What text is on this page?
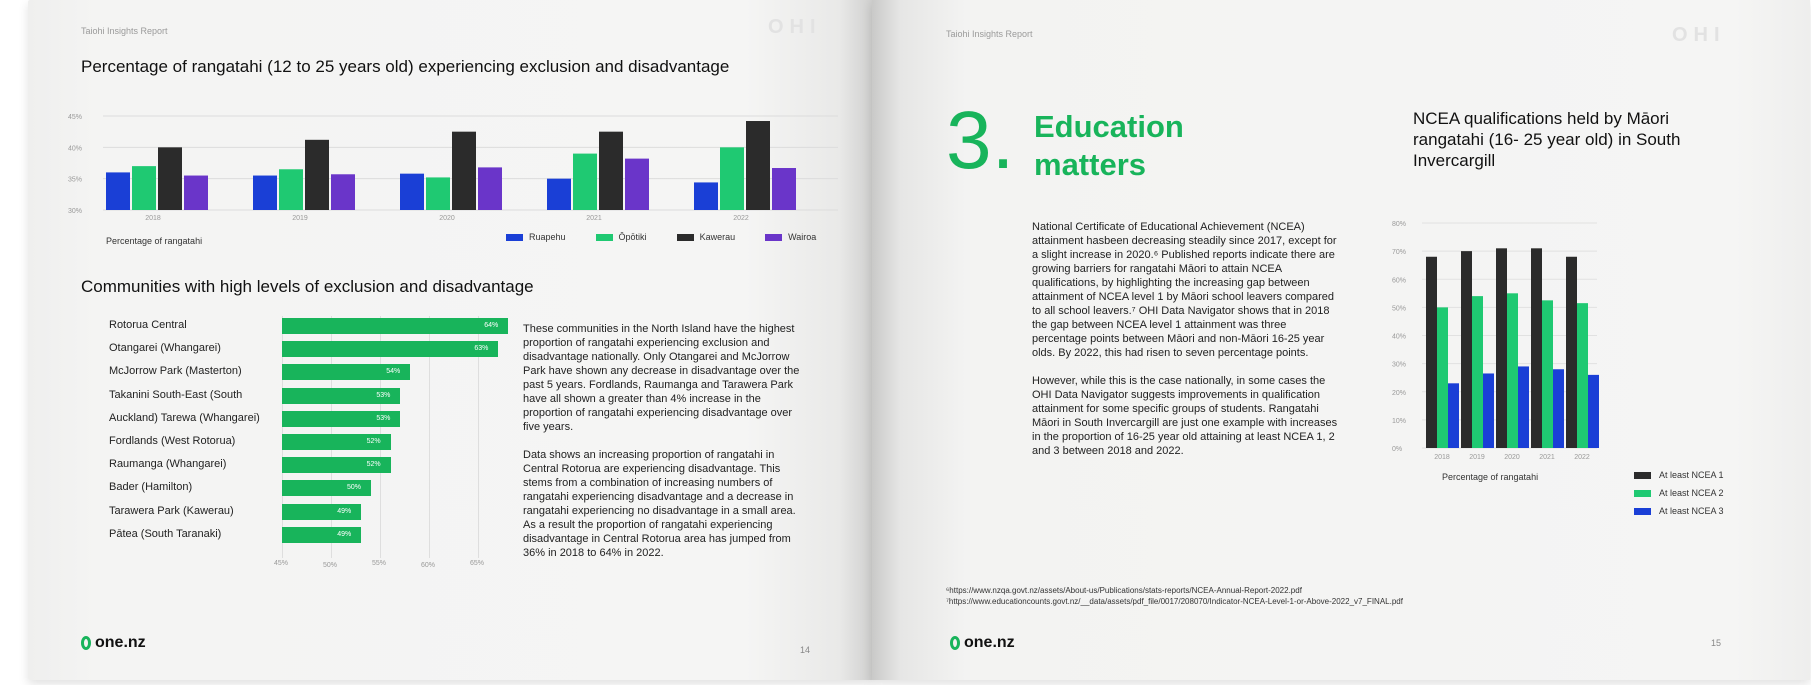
Taiohi Insights Report	OHI
Percentage of rangatahi (12 to 25 years old) experiencing exclusion and disadvantage
30%
35%
40%
45%
2018	2019	2020	2021	2022
Percentage of rangatahi	Ruapehu	Ōpōtiki	Kawerau	Wairoa
Communities with high levels of exclusion and disadvantage

These communities in the North Island have the highest proportion of rangatahi experiencing exclusion and disadvantage nationally. Only Otangarei and McJorrow Park have shown any decrease in disadvantage over the past 5 years. Fordlands, Raumanga and Tarawera Park have all shown a greater than 4% increase in the proportion of rangatahi experiencing disadvantage over five years.

Data shows an increasing proportion of rangatahi in Central Rotorua are experiencing disadvantage. This stems from a combination of increasing numbers of rangatahi experiencing disadvantage and a decrease in rangatahi experiencing no disadvantage in a small area. As a result the proportion of rangatahi experiencing disadvantage in Central Rotorua area has jumped from 36% in 2018 to 64% in 2022.

one.nz	14
45%	50%	55%	60%	65%
Rotorua Central	64%
Otangarei (Whangarei)	63%
McJorrow Park (Masterton)	54%
Takanini South-East (South	53%
Auckland) Tarewa (Whangarei)	53%
Fordlands (West Rotorua)	52%
Raumanga (Whangarei)	52%
Bader (Hamilton)	50%
Tarawera Park (Kawerau)	49%
Pātea (South Taranaki)	49%
Taiohi Insights Report	OHI
3. Education
matters

National Certificate of Educational Achievement (NCEA) attainment hasbeen decreasing steadily since 2017, except for a slight increase in 2020.⁶ Published reports indicate there are growing barriers for rangatahi Māori to attain NCEA qualifications, by highlighting the increasing gap between attainment of NCEA level 1 by Māori school leavers compared to all school leavers.⁷ OHI Data Navigator shows that in 2018 the gap between NCEA level 1 attainment was three percentage points between Māori and non-Māori 16-25 year olds. By 2022, this had risen to seven percentage points.

However, while this is the case nationally, in some cases the OHI Data Navigator suggests improvements in qualification attainment for some specific groups of students. Rangatahi Māori in South Invercargill are just one example with increases in the proportion of 16-25 year old attaining at least NCEA 1, 2 and 3 between 2018 and 2022.

NCEA qualifications held by Māori rangatahi (16- 25 year old) in South Invercargill
0%
10%
20%
30%
40%
50%
60%
70%
80%
2018	2019	2020	2021	2022
Percentage of rangatahi	At least NCEA 1
At least NCEA 2
At least NCEA 3
⁶https://www.nzqa.govt.nz/assets/About-us/Publications/stats-reports/NCEA-Annual-Report-2022.pdf
⁷https://www.educationcounts.govt.nz/__data/assets/pdf_file/0017/208070/Indicator-NCEA-Level-1-or-Above-2022_v7_FINAL.pdf
one.nz	15
